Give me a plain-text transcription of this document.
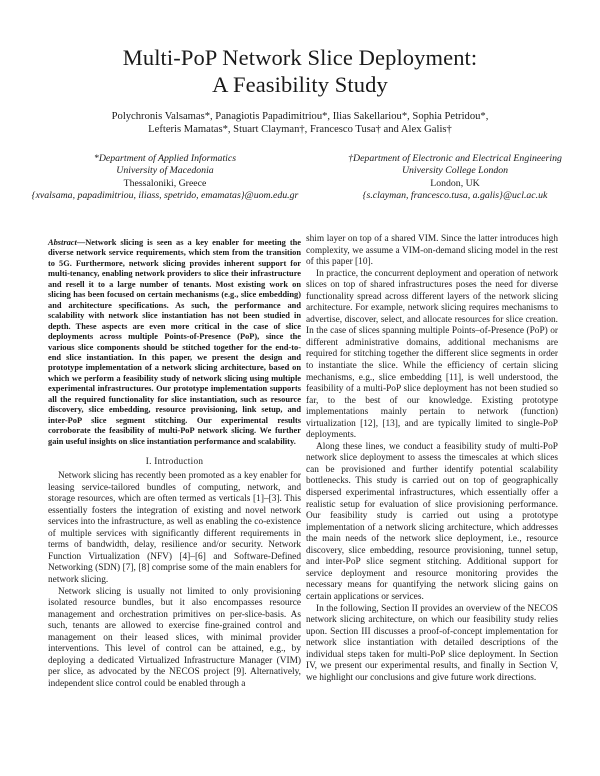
Multi-PoP Network Slice Deployment:
A Feasibility Study
Polychronis Valsamas*, Panagiotis Papadimitriou*, Ilias Sakellariou*, Sophia Petridou*,
Lefteris Mamatas*, Stuart Clayman†, Francesco Tusa† and Alex Galis†
*Department of Applied Informatics
University of Macedonia
Thessaloniki, Greece
{xvalsama, papadimitriou, iliass, spetrido, emamatas}@uom.edu.gr
†Department of Electronic and Electrical Engineering
University College London
London, UK
{s.clayman, francesco.tusa, a.galis}@ucl.ac.uk

Abstract—Network slicing is seen as a key enabler for meeting the diverse network service requirements, which stem from the transition to 5G. Furthermore, network slicing provides inherent support for multi-tenancy, enabling network providers to slice their infrastructure and resell it to a large number of tenants. Most existing work on slicing has been focused on certain mechanisms (e.g., slice embedding) and architecture specifications. As such, the performance and scalability with network slice instantiation has not been studied in depth. These aspects are even more critical in the case of slice deployments across multiple Points-of-Presence (PoP), since the various slice components should be stitched together for the end-to-end slice instantiation. In this paper, we present the design and prototype implementation of a network slicing architecture, based on which we perform a feasibility study of network slicing using multiple experimental infrastructures. Our prototype implementation supports all the required functionality for slice instantiation, such as resource discovery, slice embedding, resource provisioning, link setup, and inter-PoP slice segment stitching. Our experimental results corroborate the feasibility of multi-PoP network slicing. We further gain useful insights on slice instantiation performance and scalability.

I. Introduction

Network slicing has recently been promoted as a key enabler for leasing service-tailored bundles of computing, network, and storage resources, which are often termed as verticals [1]–[3]. This essentially fosters the integration of existing and novel network services into the infrastructure, as well as enabling the co-existence of multiple services with significantly different requirements in terms of bandwidth, delay, resilience and/or security. Network Function Virtualization (NFV) [4]–[6] and Software-Defined Networking (SDN) [7], [8] comprise some of the main enablers for network slicing.

Network slicing is usually not limited to only provisioning isolated resource bundles, but it also encompasses resource management and orchestration primitives on per-slice-basis. As such, tenants are allowed to exercise fine-grained control and management on their leased slices, with minimal provider interventions. This level of control can be attained, e.g., by deploying a dedicated Virtualized Infrastructure Manager (VIM) per slice, as advocated by the NECOS project [9]. Alternatively, independent slice control could be enabled through a

shim layer on top of a shared VIM. Since the latter introduces high complexity, we assume a VIM-on-demand slicing model in the rest of this paper [10].

In practice, the concurrent deployment and operation of network slices on top of shared infrastructures poses the need for diverse functionality spread across different layers of the network slicing architecture. For example, network slicing requires mechanisms to advertise, discover, select, and allocate resources for slice creation. In the case of slices spanning multiple Points–of-Presence (PoP) or different administrative domains, additional mechanisms are required for stitching together the different slice segments in order to instantiate the slice. While the efficiency of certain slicing mechanisms, e.g., slice embedding [11], is well understood, the feasibility of a multi-PoP slice deployment has not been studied so far, to the best of our knowledge. Existing prototype implementations mainly pertain to network (function) virtualization [12], [13], and are typically limited to single-PoP deployments.

Along these lines, we conduct a feasibility study of multi-PoP network slice deployment to assess the timescales at which slices can be provisioned and further identify potential scalability bottlenecks. This study is carried out on top of geographically dispersed experimental infrastructures, which essentially offer a realistic setup for evaluation of slice provisioning performance. Our feasibility study is carried out using a prototype implementation of a network slicing architecture, which addresses the main needs of the network slice deployment, i.e., resource discovery, slice embedding, resource provisioning, tunnel setup, and inter-PoP slice segment stitching. Additional support for service deployment and resource monitoring provides the necessary means for quantifying the network slicing gains on certain applications or services.

In the following, Section II provides an overview of the NECOS network slicing architecture, on which our feasibility study relies upon. Section III discusses a proof-of-concept implementation for network slice instantiation with detailed descriptions of the individual steps taken for multi-PoP slice deployment. In Section IV, we present our experimental results, and finally in Section V, we highlight our conclusions and give future work directions.
